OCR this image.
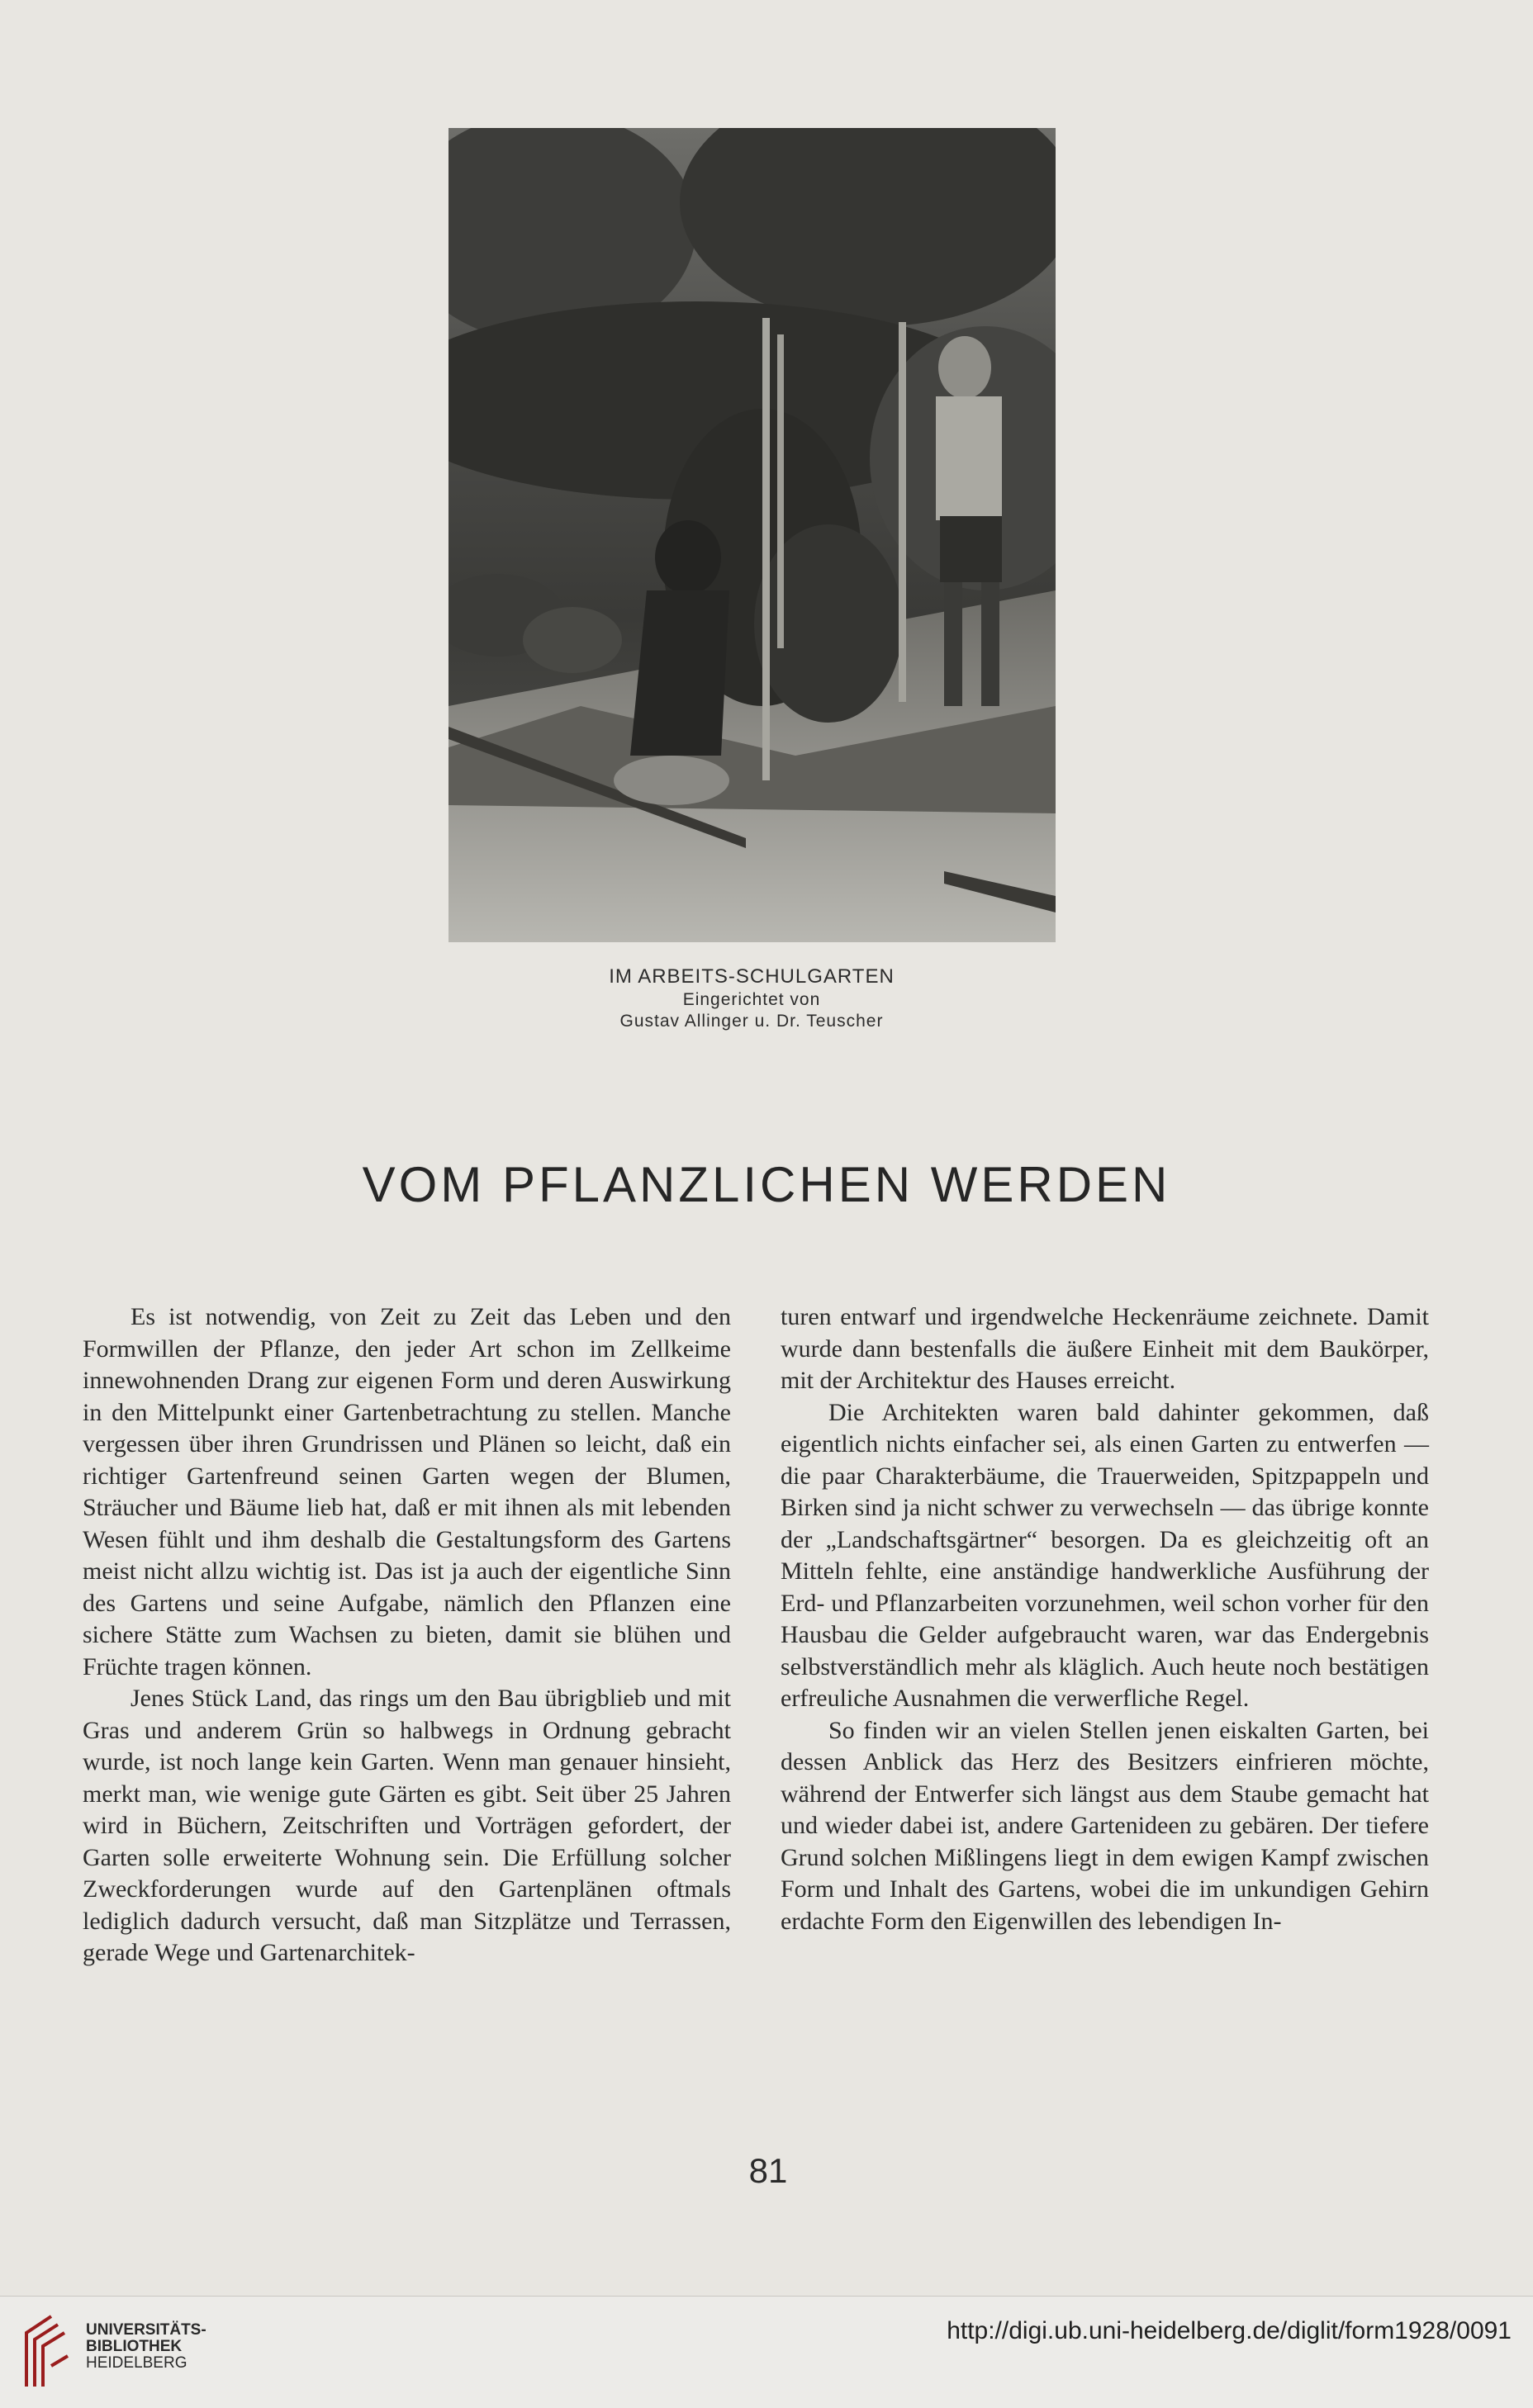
IM ARBEITS-SCHULGARTEN
Eingerichtet von
Gustav Allinger u. Dr. Teuscher
VOM PFLANZLICHEN WERDEN

Es ist notwendig, von Zeit zu Zeit das Leben und den Formwillen der Pflanze, den jeder Art schon im Zellkeime innewohnenden Drang zur eigenen Form und deren Auswirkung in den Mittelpunkt einer Gartenbetrachtung zu stellen. Manche vergessen über ihren Grundrissen und Plänen so leicht, daß ein richtiger Gartenfreund seinen Garten wegen der Blumen, Sträucher und Bäume lieb hat, daß er mit ihnen als mit lebenden Wesen fühlt und ihm deshalb die Gestaltungsform des Gartens meist nicht allzu wichtig ist. Das ist ja auch der eigentliche Sinn des Gartens und seine Aufgabe, nämlich den Pflanzen eine sichere Stätte zum Wachsen zu bieten, damit sie blühen und Früchte tragen können.

Jenes Stück Land, das rings um den Bau übrigblieb und mit Gras und anderem Grün so halbwegs in Ordnung gebracht wurde, ist noch lange kein Garten. Wenn man genauer hinsieht, merkt man, wie wenige gute Gärten es gibt. Seit über 25 Jahren wird in Büchern, Zeitschriften und Vorträgen gefordert, der Garten solle erweiterte Wohnung sein. Die Erfüllung solcher Zweckforderungen wurde auf den Gartenplänen oftmals lediglich dadurch versucht, daß man Sitzplätze und Terrassen, gerade Wege und Gartenarchitek-

turen entwarf und irgendwelche Heckenräume zeichnete. Damit wurde dann bestenfalls die äußere Einheit mit dem Baukörper, mit der Architektur des Hauses erreicht.

Die Architekten waren bald dahinter gekommen, daß eigentlich nichts einfacher sei, als einen Garten zu entwerfen — die paar Charakterbäume, die Trauerweiden, Spitzpappeln und Birken sind ja nicht schwer zu verwechseln — das übrige konnte der „Landschaftsgärtner“ besorgen. Da es gleichzeitig oft an Mitteln fehlte, eine anständige handwerkliche Ausführung der Erd- und Pflanzarbeiten vorzunehmen, weil schon vorher für den Hausbau die Gelder aufgebraucht waren, war das Endergebnis selbstverständlich mehr als kläglich. Auch heute noch bestätigen erfreuliche Ausnahmen die verwerfliche Regel.

So finden wir an vielen Stellen jenen eiskalten Garten, bei dessen Anblick das Herz des Besitzers einfrieren möchte, während der Entwerfer sich längst aus dem Staube gemacht hat und wieder dabei ist, andere Gartenideen zu gebären. Der tiefere Grund solchen Mißlingens liegt in dem ewigen Kampf zwischen Form und Inhalt des Gartens, wobei die im unkundigen Gehirn erdachte Form den Eigenwillen des lebendigen In-

81
UNIVERSITÄTS-
BIBLIOTHEK
HEIDELBERG
http://digi.ub.uni-heidelberg.de/diglit/form1928/0091
